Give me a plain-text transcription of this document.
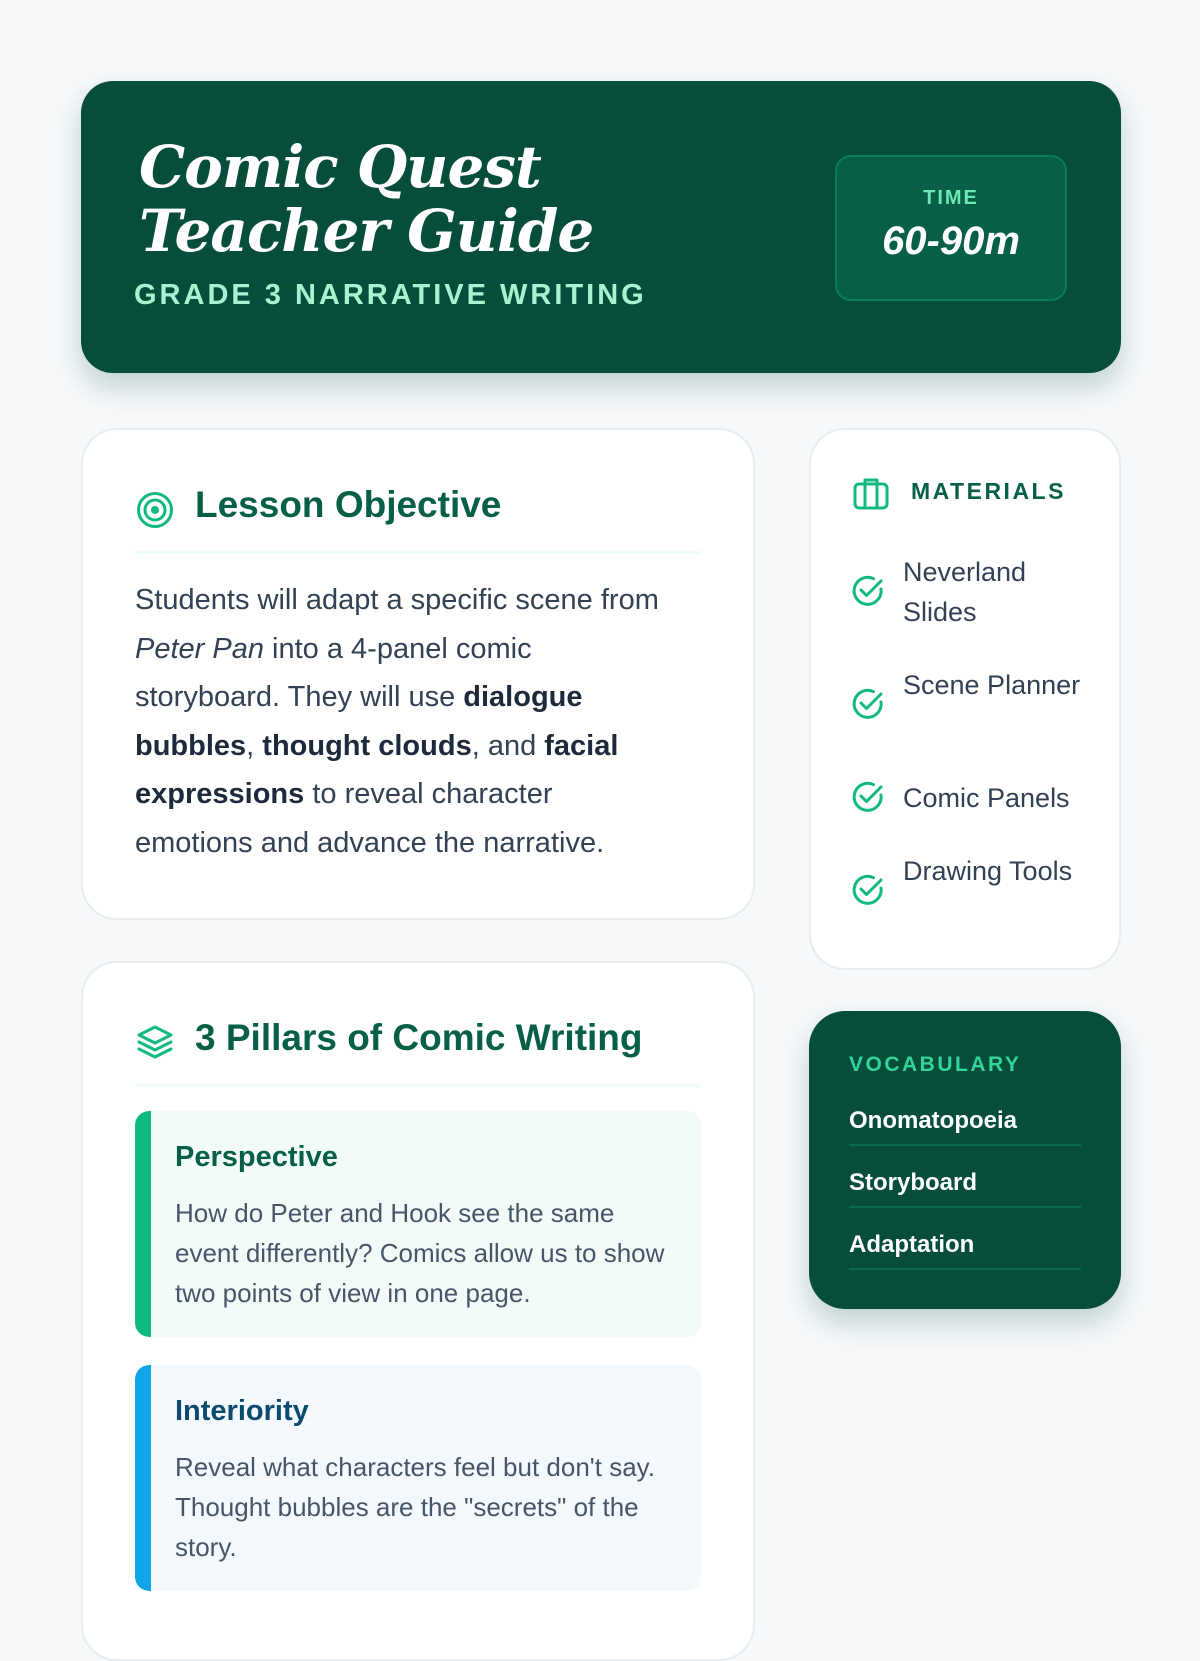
Comic Quest Teacher Guide
GRADE 3 NARRATIVE WRITING
TIME
60-90m
Lesson Objective
Students will adapt a specific scene from Peter Pan into a 4-panel comic storyboard. They will use dialogue bubbles, thought clouds, and facial expressions to reveal character emotions and advance the narrative.
3 Pillars of Comic Writing
Perspective
How do Peter and Hook see the same event differently? Comics allow us to show two points of view in one page.
Interiority
Reveal what characters feel but don't say. Thought bubbles are the "secrets" of the story.
MATERIALS
Neverland Slides
Scene Planner
Comic Panels
Drawing Tools
VOCABULARY
Onomatopoeia
Storyboard
Adaptation
